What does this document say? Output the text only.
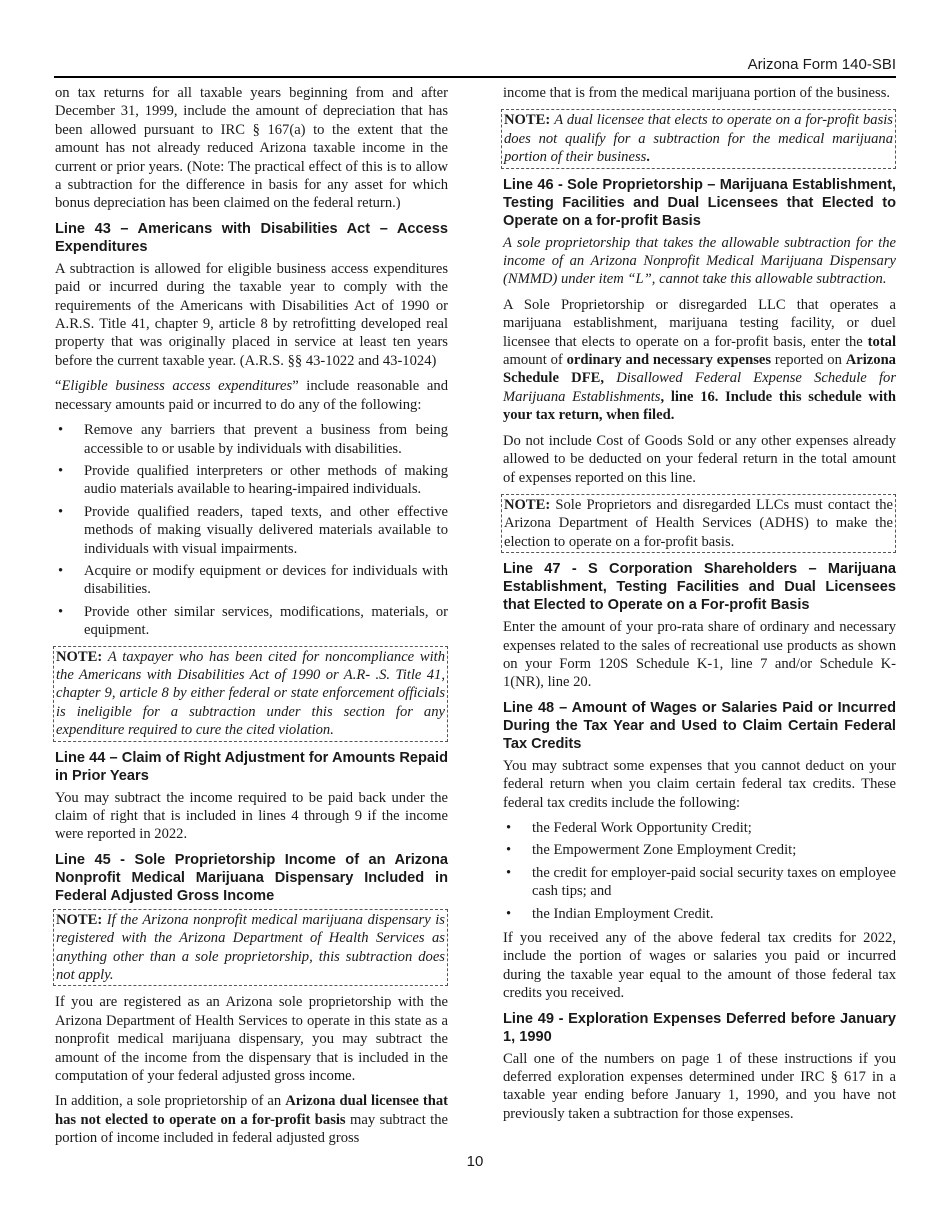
Arizona Form 140-SBI

on tax returns for all taxable years beginning from and after December 31, 1999, include the amount of depreciation that has been allowed pursuant to IRC § 167(a) to the extent that the amount has not already reduced Arizona taxable income in the current or prior years. (Note: The practical effect of this is to allow a subtraction for the difference in basis for any asset for which bonus depreciation has been claimed on the federal return.)

Line 43 – Americans with Disabilities Act – Access Expenditures

A subtraction is allowed for eligible business access expenditures paid or incurred during the taxable year to comply with the requirements of the Americans with Disabilities Act of 1990 or A.R.S. Title 41, chapter 9, article 8 by retrofitting developed real property that was originally placed in service at least ten years before the current taxable year. (A.R.S. §§ 43-1022 and 43-1024)

“Eligible business access expenditures” include reasonable and necessary amounts paid or incurred to do any of the following:

• Remove any barriers that prevent a business from being accessible to or usable by individuals with disabilities.
• Provide qualified interpreters or other methods of making audio materials available to hearing-impaired individuals.
• Provide qualified readers, taped texts, and other effective methods of making visually delivered materials available to individuals with visual impairments.
• Acquire or modify equipment or devices for individuals with disabilities.
• Provide other similar services, modifications, materials, or equipment.
NOTE: A taxpayer who has been cited for noncompliance with the Americans with Disabilities Act of 1990 or A.R- .S. Title 41, chapter 9, article 8 by either federal or state enforcement officials is ineligible for a subtraction under this section for any expenditure required to cure the cited violation.
Line 44 – Claim of Right Adjustment for Amounts Repaid in Prior Years

You may subtract the income required to be paid back under the claim of right that is included in lines 4 through 9 if the income were reported in 2022.

Line 45 - Sole Proprietorship Income of an Arizona Nonprofit Medical Marijuana Dispensary Included in Federal Adjusted Gross Income
NOTE: If the Arizona nonprofit medical marijuana dispensary is registered with the Arizona Department of Health Services as anything other than a sole proprietorship, this subtraction does not apply.

If you are registered as an Arizona sole proprietorship with the Arizona Department of Health Services to operate in this state as a nonprofit medical marijuana dispensary, you may subtract the amount of the income from the dispensary that is included in the computation of your federal adjusted gross income.

In addition, a sole proprietorship of an Arizona dual licensee that has not elected to operate on a for-profit basis may subtract the portion of income included in federal adjusted gross

income that is from the medical marijuana portion of the business.

NOTE: A dual licensee that elects to operate on a for-profit basis does not qualify for a subtraction for the medical marijuana portion of their business.
Line 46 - Sole Proprietorship – Marijuana Establishment, Testing Facilities and Dual Licensees that Elected to Operate on a for-profit Basis

A sole proprietorship that takes the allowable subtraction for the income of an Arizona Nonprofit Medical Marijuana Dispensary (NMMD) under item “L”, cannot take this allowable subtraction.

A Sole Proprietorship or disregarded LLC that operates a marijuana establishment, marijuana testing facility, or duel licensee that elects to operate on a for-profit basis, enter the total amount of ordinary and necessary expenses reported on Arizona Schedule DFE, Disallowed Federal Expense Schedule for Marijuana Establishments, line 16. Include this schedule with your tax return, when filed.

Do not include Cost of Goods Sold or any other expenses already allowed to be deducted on your federal return in the total amount of expenses reported on this line.

NOTE: Sole Proprietors and disregarded LLCs must contact the Arizona Department of Health Services (ADHS) to make the election to operate on a for-profit basis.
Line 47 - S Corporation Shareholders – Marijuana Establishment, Testing Facilities and Dual Licensees that Elected to Operate on a For-profit Basis

Enter the amount of your pro-rata share of ordinary and necessary expenses related to the sales of recreational use products as shown on your Form 120S Schedule K-1, line 7 and/or Schedule K-1(NR), line 20.

Line 48 – Amount of Wages or Salaries Paid or Incurred During the Tax Year and Used to Claim Certain Federal Tax Credits

You may subtract some expenses that you cannot deduct on your federal return when you claim certain federal tax credits. These federal tax credits include the following:

• the Federal Work Opportunity Credit;
• the Empowerment Zone Employment Credit;
• the credit for employer-paid social security taxes on employee cash tips; and
• the Indian Employment Credit.

If you received any of the above federal tax credits for 2022, include the portion of wages or salaries you paid or incurred during the taxable year equal to the amount of those federal tax credits you received.

Line 49 - Exploration Expenses Deferred before January 1, 1990

Call one of the numbers on page 1 of these instructions if you deferred exploration expenses determined under IRC § 617 in a taxable year ending before January 1, 1990, and you have not previously taken a subtraction for those expenses.

10
